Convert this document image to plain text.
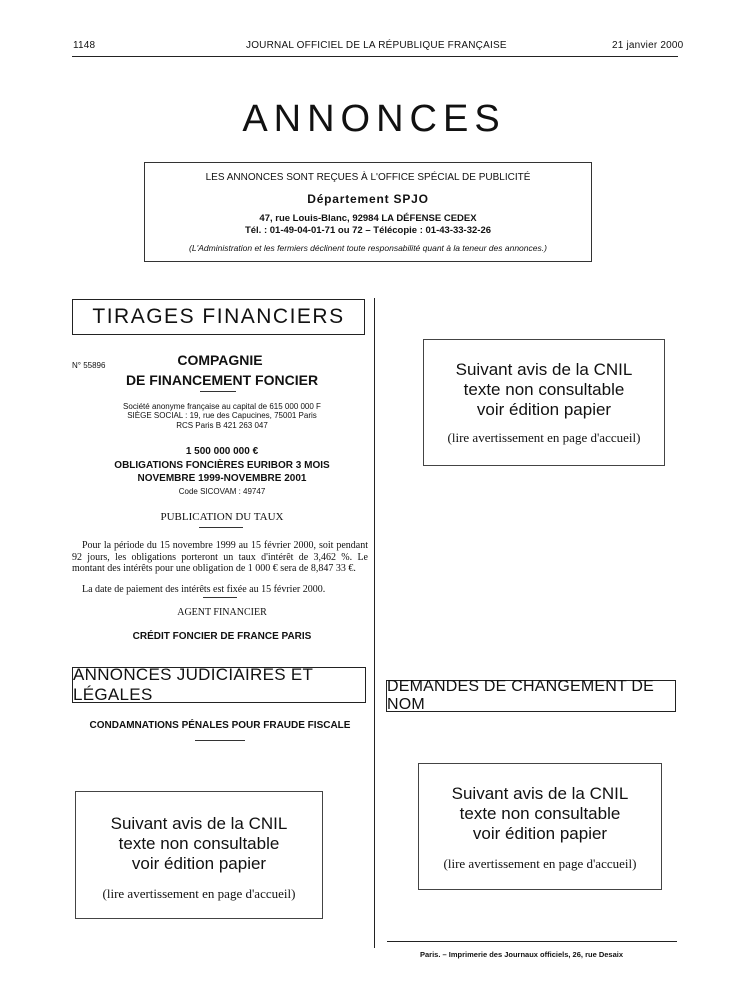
1148	JOURNAL OFFICIEL DE LA RÉPUBLIQUE FRANÇAISE	21 janvier 2000
ANNONCES
LES ANNONCES SONT REÇUES À L'OFFICE SPÉCIAL DE PUBLICITÉ
Département SPJO
47, rue Louis-Blanc, 92984 LA DÉFENSE CEDEX
Tél. : 01-49-04-01-71 ou 72 – Télécopie : 01-43-33-32-26
(L'Administration et les fermiers déclinent toute responsabilité quant à la teneur des annonces.)
TIRAGES FINANCIERS
N° 55896	COMPAGNIE
DE FINANCEMENT FONCIER
Société anonyme française au capital de 615 000 000 F
SIÈGE SOCIAL : 19, rue des Capucines, 75001 Paris
RCS Paris B 421 263 047
1 500 000 000 €
OBLIGATIONS FONCIÈRES EURIBOR 3 MOIS
NOVEMBRE 1999-NOVEMBRE 2001
Code SICOVAM : 49747
PUBLICATION DU TAUX
Pour la période du 15 novembre 1999 au 15 février 2000, soit pendant 92 jours, les obligations porteront un taux d'intérêt de 3,462 %. Le montant des intérêts pour une obligation de 1 000 € sera de 8,847 33 €.
La date de paiement des intérêts est fixée au 15 février 2000.
AGENT FINANCIER
CRÉDIT FONCIER DE FRANCE PARIS
ANNONCES JUDICIAIRES ET LÉGALES
CONDAMNATIONS PÉNALES POUR FRAUDE FISCALE
Suivant avis de la CNIL
texte non consultable
voir édition papier
(lire avertissement en page d'accueil)
Suivant avis de la CNIL
texte non consultable
voir édition papier
(lire avertissement en page d'accueil)
DEMANDES DE CHANGEMENT DE NOM
Suivant avis de la CNIL
texte non consultable
voir édition papier
(lire avertissement en page d'accueil)
Paris. – Imprimerie des Journaux officiels, 26, rue Desaix
